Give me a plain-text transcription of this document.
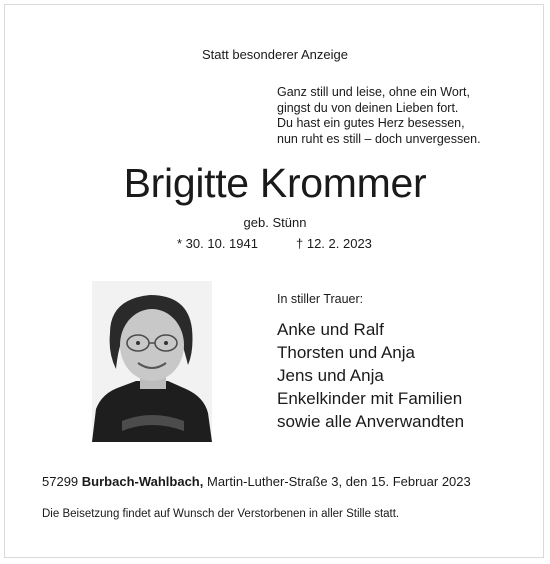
Statt besonderer Anzeige
Ganz still und leise, ohne ein Wort,
gingst du von deinen Lieben fort.
Du hast ein gutes Herz besessen,
nun ruht es still – doch unvergessen.
Brigitte Krommer
geb. Stünn
* 30. 10. 1941	† 12. 2. 2023
In stiller Trauer:
Anke und Ralf
Thorsten und Anja
Jens und Anja
Enkelkinder mit Familien
sowie alle Anverwandten
57299 Burbach-Wahlbach, Martin-Luther-Straße 3, den 15. Februar 2023
Die Beisetzung findet auf Wunsch der Verstorbenen in aller Stille statt.
